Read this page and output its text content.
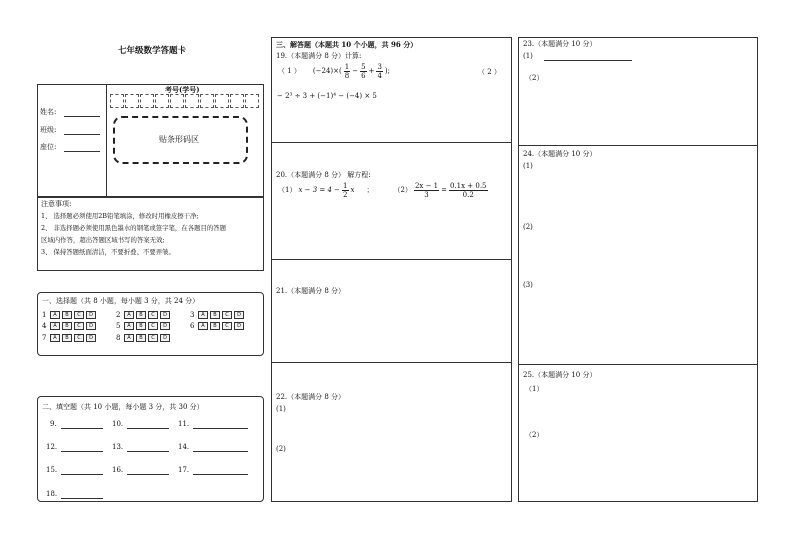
七年级数学答题卡
姓名:
班级:
座位:
考号(学号)
贴条形码区
注意事项:
1、 选择题必须使用2B铅笔填涂，修改时用橡皮擦干净;
2、 非选择题必须使用黑色墨水的钢笔或签字笔，在各题目的答题
区域内作答，超出答题区域书写的答案无效;
3、 保持答题纸面清洁，不要折叠、不要弄皱。
一、选择题（共 8 小题，每小题 3 分，共 24 分）
1	A	B	C	D	2	A	B	C	D	3	A	B	C	D
4	A	B	C	D	5	A	B	C	D	6	A	B	C	D
7	A	B	C	D	8	A	B	C	D
二、填空题（共 10 小题，每小题 3 分，共 30 分）
9.	10.	11.
12.	13.	14.
15.	16.	17.
18.
三、解答题（本题共 10 个小题，共 96 分）
19.（本题满分 8 分）计算:
（ 1 ） $(-24)\times( \frac{1}{8} - \frac{5}{6} + \frac{3}{4}$ );	（ 2 ）
− 2³ ÷ 3 + (−1)⁴ − (−4) × 5
20.（本题满分 8 分） 解方程:
（1） $x - 3 = 4 - \frac{1}{2}$ x ；	$(2) \frac{2x - 1}{3} = \frac{0.1x + 0.5}{0.2}$
21.（本题满分 8 分）
22.（本题满分 8 分）
(1)
(2)
23.（本题满分 10 分）
(1)
（2）
24.（本题满分 10 分）
(1)
(2)
(3)
25.（本题满分 10 分）
（1）
（2）
